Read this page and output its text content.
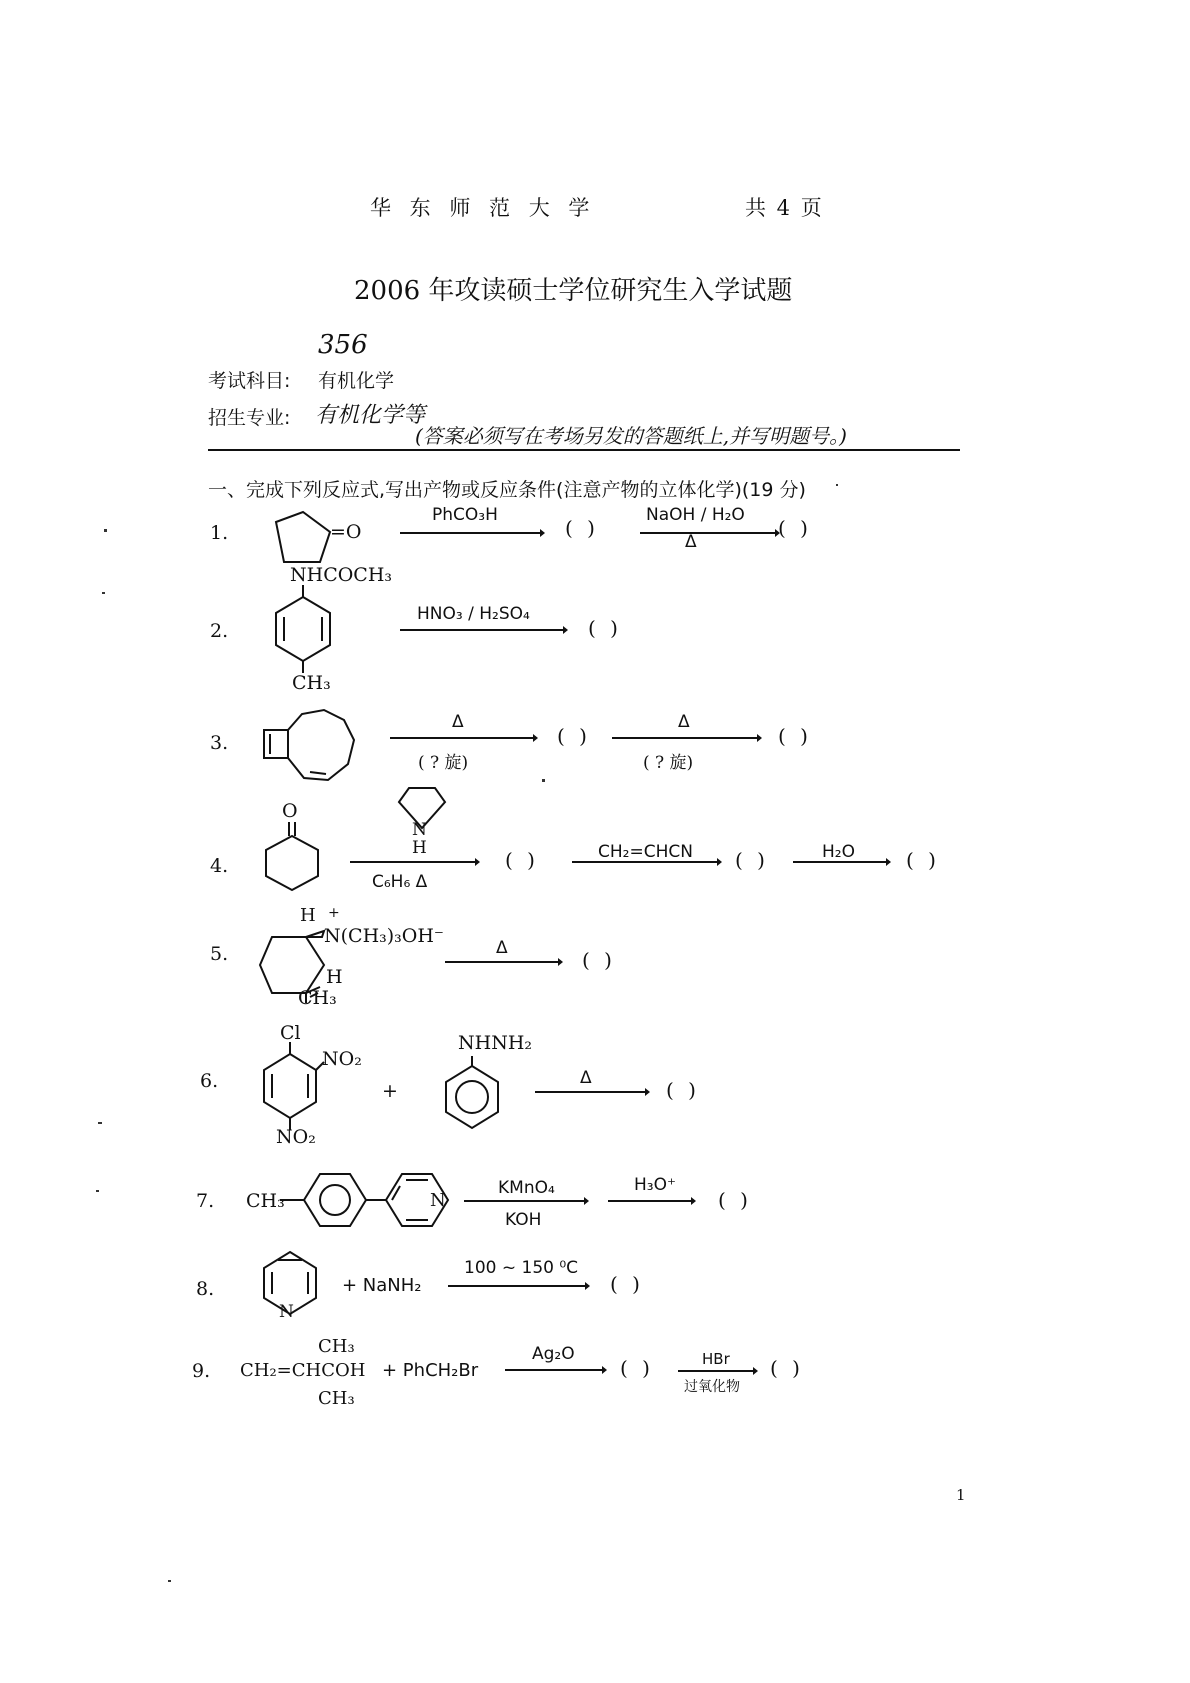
华 东 师 范 大 学	共 4 页
2006 年攻读硕士学位研究生入学试题
356
考试科目: 有机化学
招生专业: 有机化学等
(答案必须写在考场另发的答题纸上,并写明题号。)
一、完成下列反应式,写出产物或反应条件(注意产物的立体化学)(19 分)
1.	=O
PhCO₃H
( )
NaOH / H₂O
Δ
( )
NHCOCH₃
2.
CH₃
HNO₃ / H₂SO₄
( )
3.
Δ
( ? 旋)
( )
Δ
( ? 旋)
( )
O
4.
N
H
C₆H₆ Δ
( )	CH₂=CHCN ( )	H₂O	( )
H +
N(CH₃)₃OH⁻
5.
H
CH₃
Δ	( )
Cl
NO₂
6.
NO₂
+
NHNH₂
Δ	( )
7. CH₃	N
KMnO₄
KOH
H₃O⁺
( )
8.
N
+ NaNH₂
100 ~ 150 ⁰C
( )
CH₃
9. CH₂=CHCOH
CH₃
+ PhCH₂Br
Ag₂O
( )	HBr
过氧化物
( )
1
